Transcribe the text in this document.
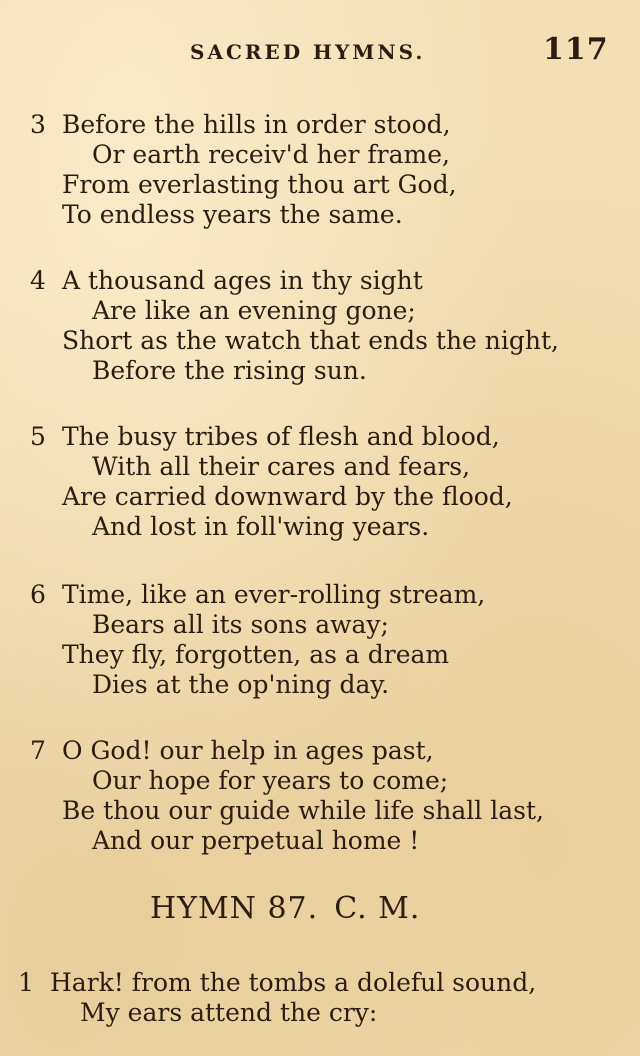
SACRED HYMNS.	117
3 Before the hills in order stood,
Or earth receiv'd her frame,
From everlasting thou art God,
To endless years the same.
4 A thousand ages in thy sight
Are like an evening gone;
Short as the watch that ends the night,
Before the rising sun.
5 The busy tribes of flesh and blood,
With all their cares and fears,
Are carried downward by the flood,
And lost in foll'wing years.
6 Time, like an ever-rolling stream,
Bears all its sons away;
They fly, forgotten, as a dream
Dies at the op'ning day.
7 O God! our help in ages past,
Our hope for years to come;
Be thou our guide while life shall last,
And our perpetual home !
HYMN 87. C. M.
1 Hark! from the tombs a doleful sound,
My ears attend the cry:
